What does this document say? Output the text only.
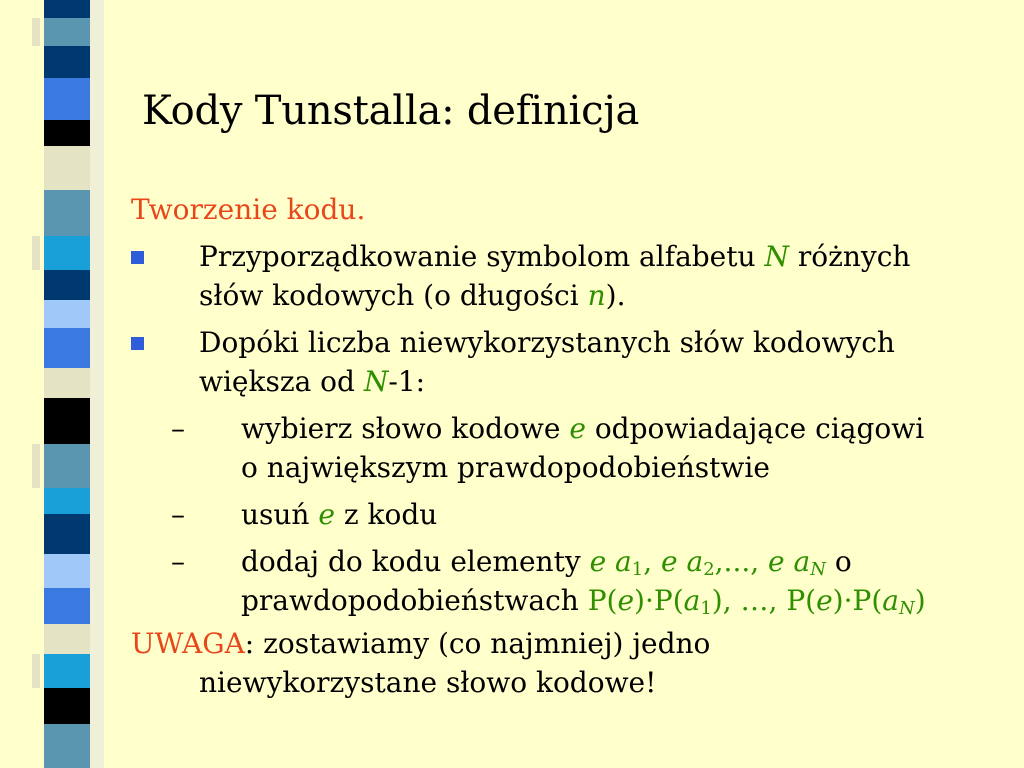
Kody Tunstalla: definicja
Tworzenie kodu.
Przyporządkowanie symbolom alfabetu N różnych
słów kodowych (o długości n).
Dopóki liczba niewykorzystanych słów kodowych
większa od N-1:
– wybierz słowo kodowe e odpowiadające ciągowi
o największym prawdopodobieństwie
– usuń e z kodu
– dodaj do kodu elementy e $a_1$, e $a_2$,..., e $a_N$ o
prawdopodobieństwach $P(e)\cdot P(a_1)$, …, $P(e)\cdot P(a_N)$
UWAGA: zostawiamy (co najmniej) jedno
niewykorzystane słowo kodowe!
